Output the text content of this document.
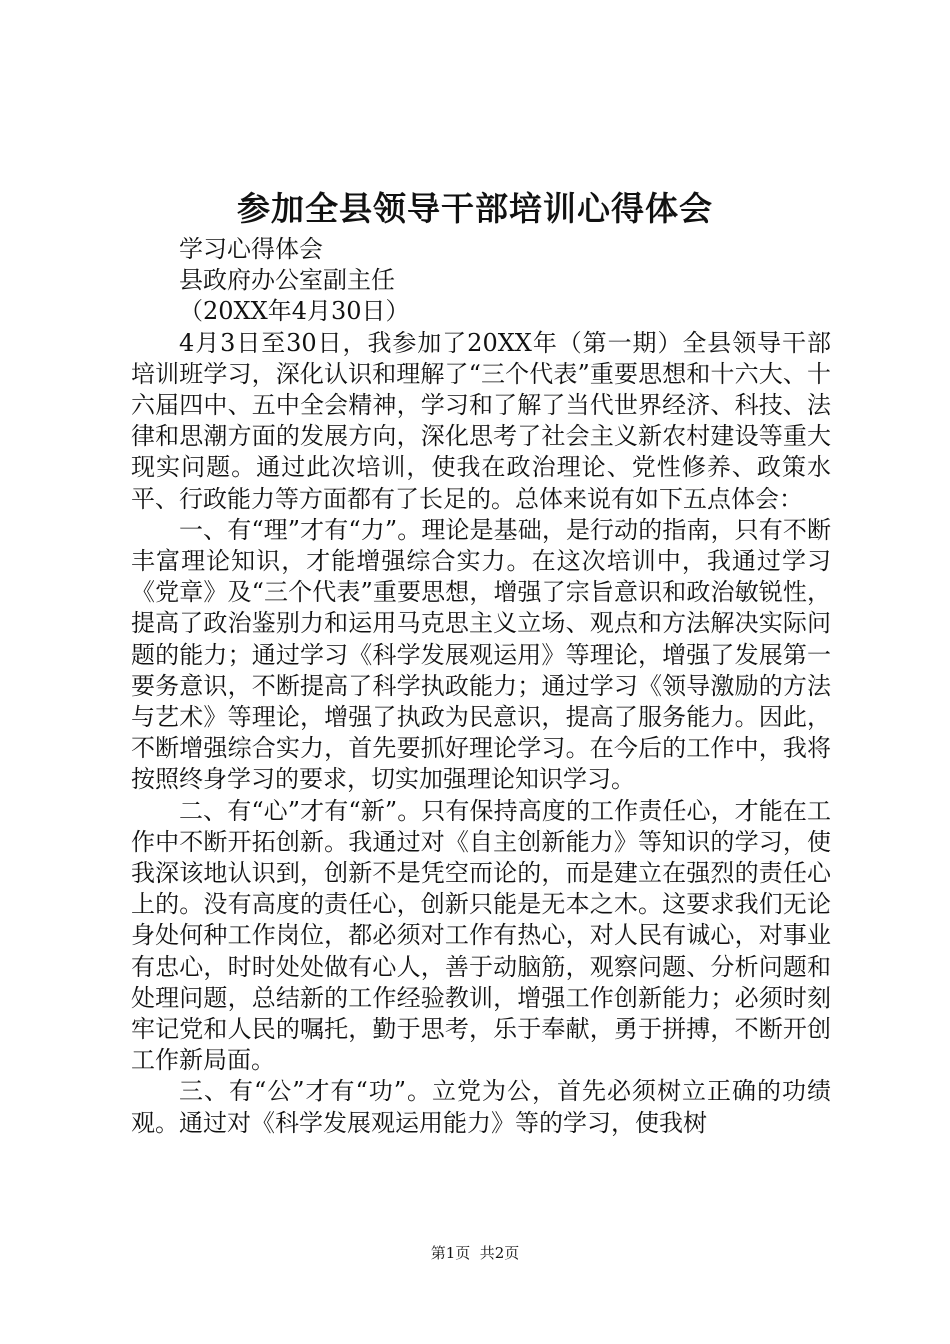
参加全县领导干部培训心得体会

学习心得体会

县政府办公室副主任

（20XX年4月30日）

4月3日至30日，我参加了20XX年（第一期）全县领导干部培训班学习，深化认识和理解了“三个代表”重要思想和十六大、十六届四中、五中全会精神，学习和了解了当代世界经济、科技、法律和思潮方面的发展方向，深化思考了社会主义新农村建设等重大现实问题。通过此次培训，使我在政治理论、党性修养、政策水平、行政能力等方面都有了长足的。总体来说有如下五点体会：

一、有“理”才有“力”。理论是基础，是行动的指南，只有不断丰富理论知识，才能增强综合实力。在这次培训中，我通过学习《党章》及“三个代表”重要思想，增强了宗旨意识和政治敏锐性，提高了政治鉴别力和运用马克思主义立场、观点和方法解决实际问题的能力；通过学习《科学发展观运用》等理论，增强了发展第一要务意识，不断提高了科学执政能力；通过学习《领导激励的方法与艺术》等理论，增强了执政为民意识，提高了服务能力。因此，不断增强综合实力，首先要抓好理论学习。在今后的工作中，我将按照终身学习的要求，切实加强理论知识学习。

二、有“心”才有“新”。只有保持高度的工作责任心，才能在工作中不断开拓创新。我通过对《自主创新能力》等知识的学习，使我深该地认识到，创新不是凭空而论的，而是建立在强烈的责任心上的。没有高度的责任心，创新只能是无本之木。这要求我们无论身处何种工作岗位，都必须对工作有热心，对人民有诚心，对事业有忠心，时时处处做有心人，善于动脑筋，观察问题、分析问题和处理问题，总结新的工作经验教训，增强工作创新能力；必须时刻牢记党和人民的嘱托，勤于思考，乐于奉献，勇于拼搏，不断开创工作新局面。

三、有“公”才有“功”。立党为公，首先必须树立正确的功绩观。通过对《科学发展观运用能力》等的学习，使我树

第1页  共2页
